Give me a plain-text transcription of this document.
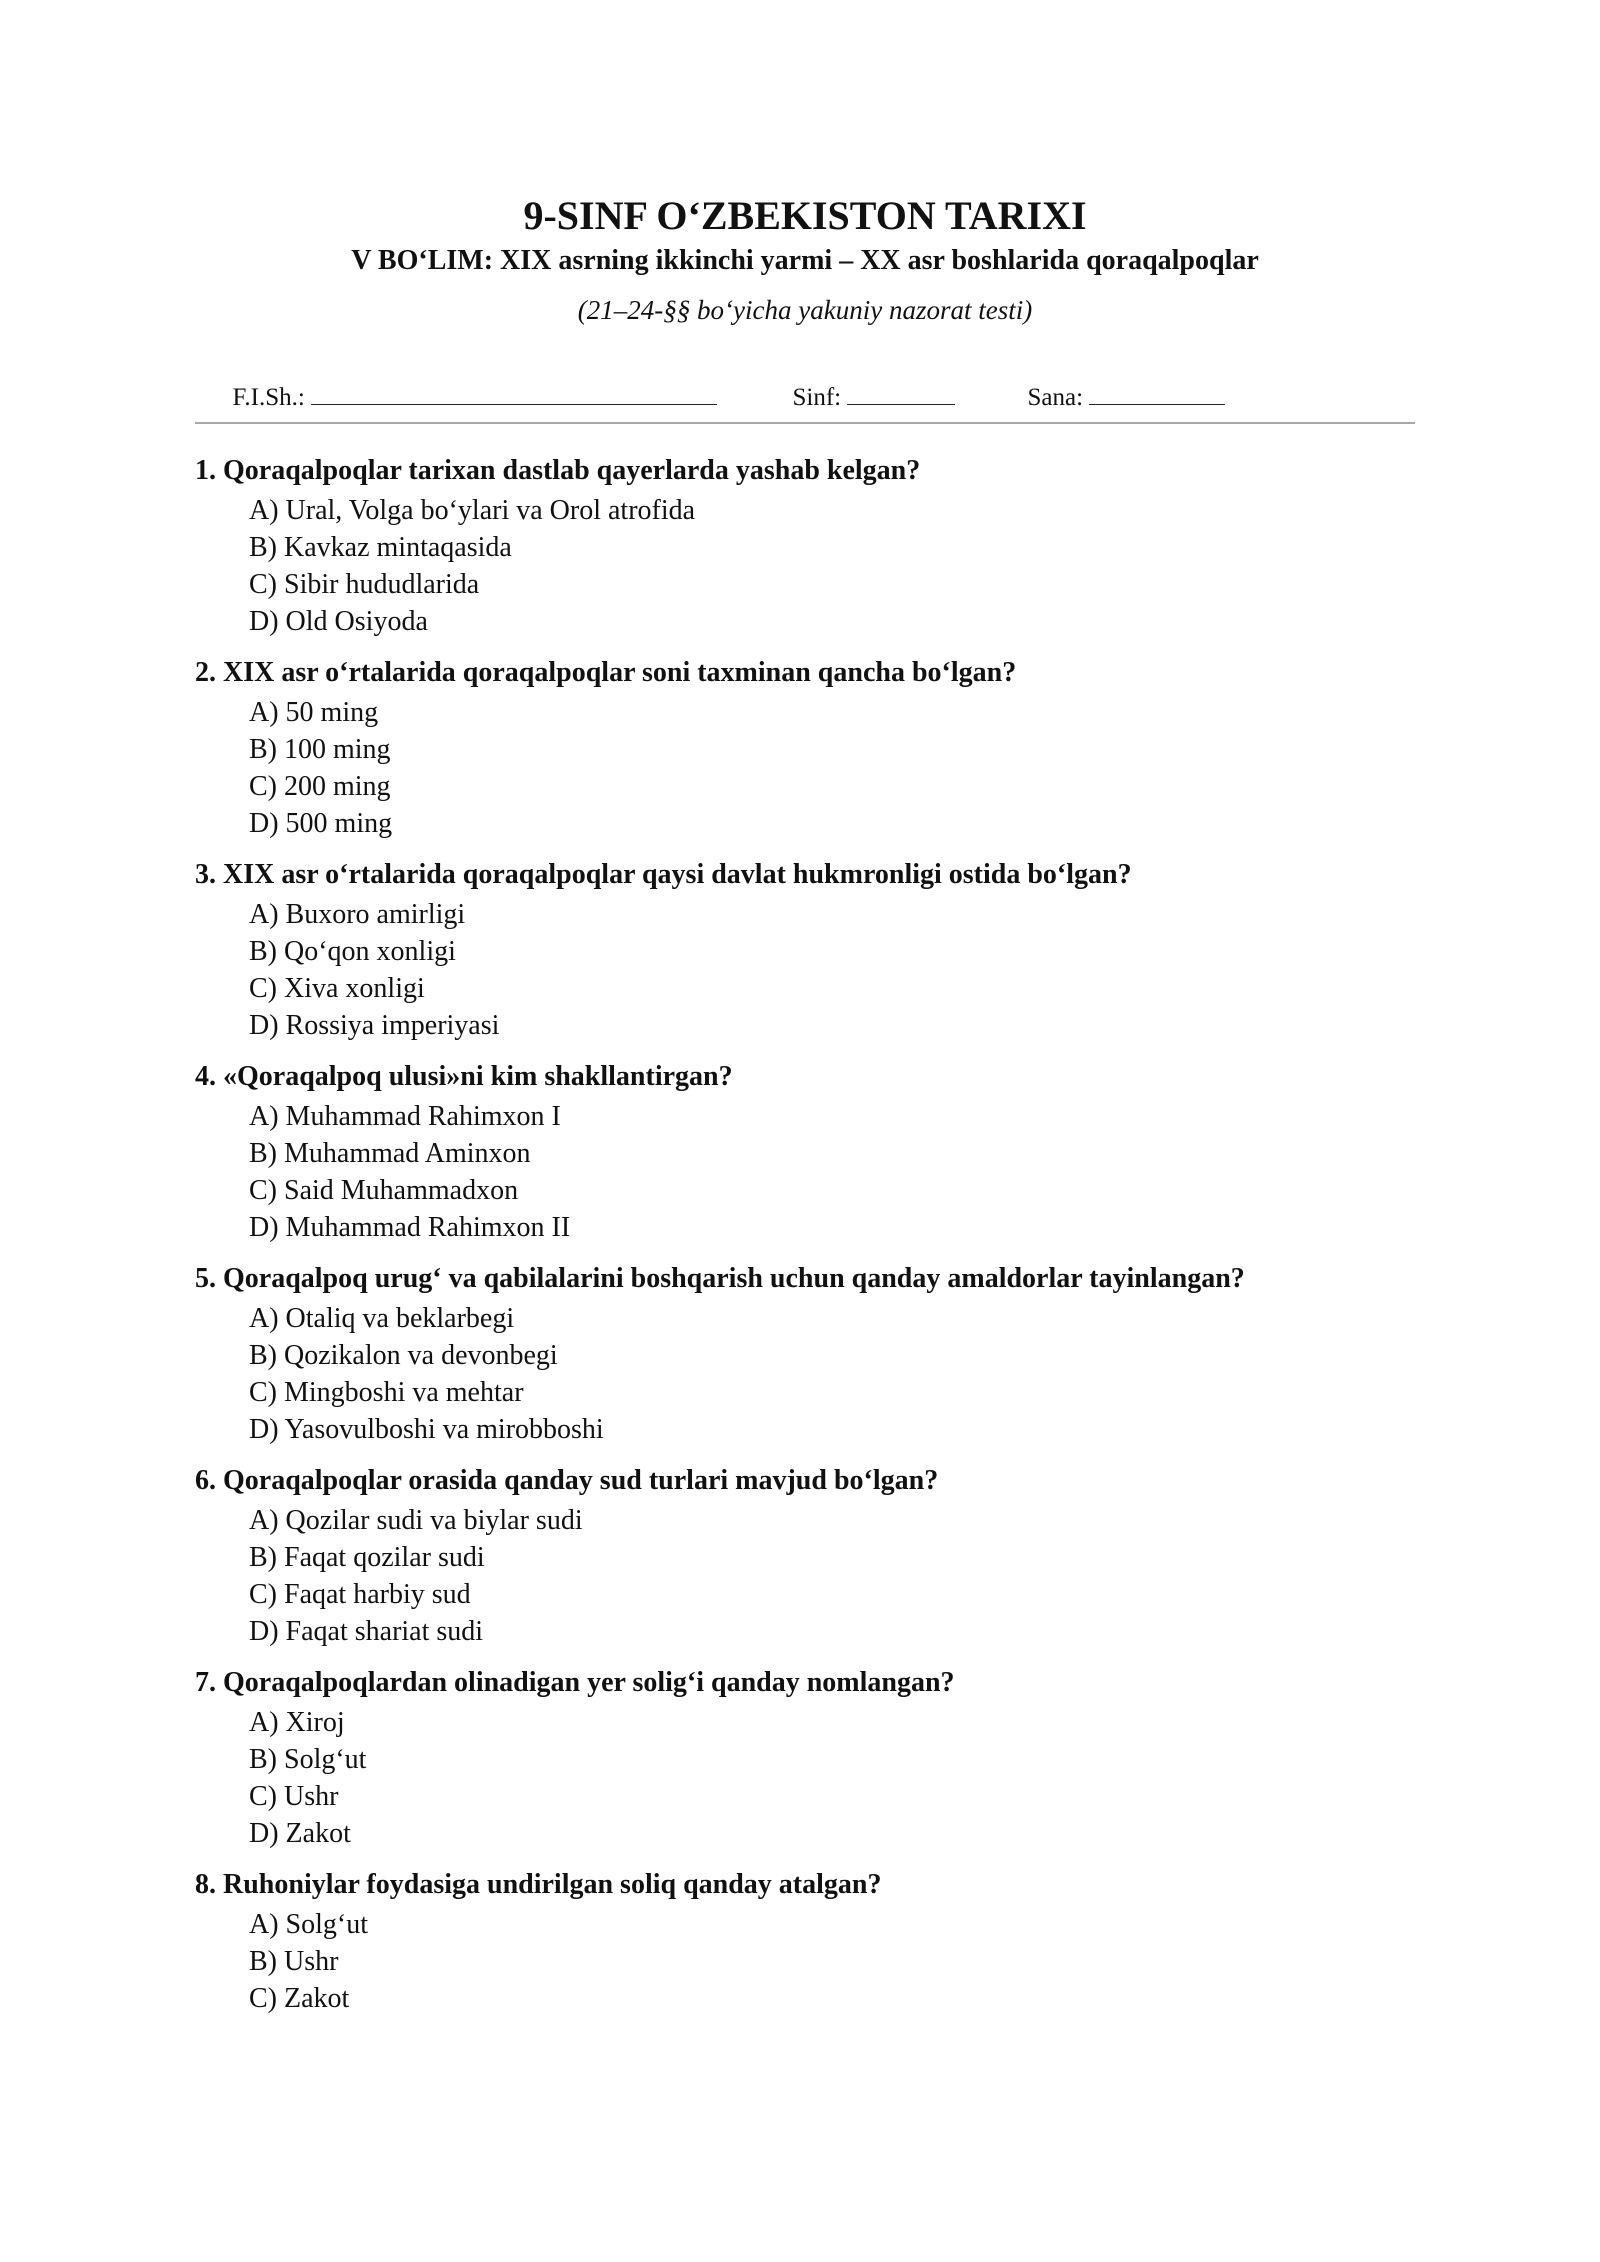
9-SINF O‘ZBEKISTON TARIXI
V BO‘LIM: XIX asrning ikkinchi yarmi – XX asr boshlarida qoraqalpoqlar

(21–24-§§ bo‘yicha yakuniy nazorat testi)

F.I.Sh.:
	Sinf:
	Sana:

1. Qoraqalpoqlar tarixan dastlab qayerlarda yashab kelgan?

A) Ural, Volga bo‘ylari va Orol atrofida
B) Kavkaz mintaqasida
C) Sibir hududlarida
D) Old Osiyoda

2. XIX asr o‘rtalarida qoraqalpoqlar soni taxminan qancha bo‘lgan?

A) 50 ming
B) 100 ming
C) 200 ming
D) 500 ming

3. XIX asr o‘rtalarida qoraqalpoqlar qaysi davlat hukmronligi ostida bo‘lgan?

A) Buxoro amirligi
B) Qo‘qon xonligi
C) Xiva xonligi
D) Rossiya imperiyasi

4. «Qoraqalpoq ulusi»ni kim shakllantirgan?

A) Muhammad Rahimxon I
B) Muhammad Aminxon
C) Said Muhammadxon
D) Muhammad Rahimxon II

5. Qoraqalpoq urug‘ va qabilalarini boshqarish uchun qanday amaldorlar tayinlangan?

A) Otaliq va beklarbegi
B) Qozikalon va devonbegi
C) Mingboshi va mehtar
D) Yasovulboshi va mirobboshi

6. Qoraqalpoqlar orasida qanday sud turlari mavjud bo‘lgan?

A) Qozilar sudi va biylar sudi
B) Faqat qozilar sudi
C) Faqat harbiy sud
D) Faqat shariat sudi

7. Qoraqalpoqlardan olinadigan yer solig‘i qanday nomlangan?

A) Xiroj
B) Solg‘ut
C) Ushr
D) Zakot

8. Ruhoniylar foydasiga undirilgan soliq qanday atalgan?

A) Solg‘ut
B) Ushr
C) Zakot
